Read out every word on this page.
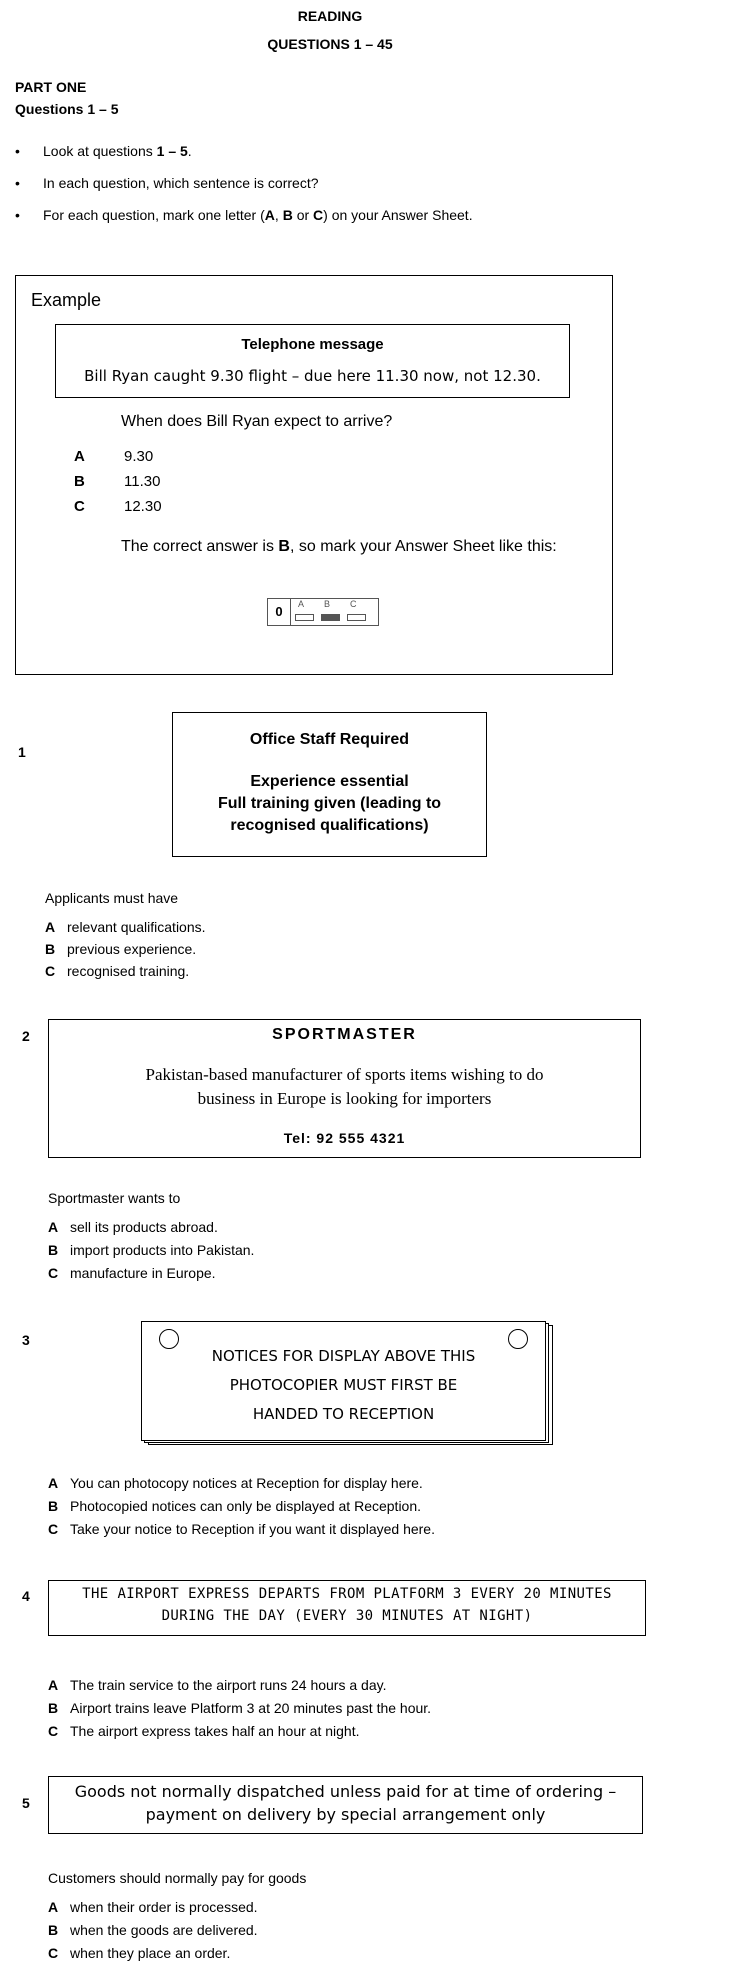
READING
QUESTIONS 1 – 45
PART ONE
Questions 1 – 5
• Look at questions 1 – 5.
• In each question, which sentence is correct?
• For each question, mark one letter (A, B or C) on your Answer Sheet.
Example
Telephone message
Bill Ryan caught 9.30 flight – due here 11.30 now, not 12.30.
When does Bill Ryan expect to arrive?
A	9.30
B	11.30
C	12.30
The correct answer is B, so mark your Answer Sheet like this:
0	A B C
1
Office Staff Required
Experience essential
Full training given (leading to
recognised qualifications)
Applicants must have
A relevant qualifications.
B previous experience.
C recognised training.
2	SPORTMASTER
Pakistan-based manufacturer of sports items wishing to do
business in Europe is looking for importers
Tel: 92 555 4321
Sportmaster wants to
A sell its products abroad.
B import products into Pakistan.
C manufacture in Europe.
3
NOTICES FOR DISPLAY ABOVE THIS
PHOTOCOPIER MUST FIRST BE
HANDED TO RECEPTION
A You can photocopy notices at Reception for display here.
B Photocopied notices can only be displayed at Reception.
C Take your notice to Reception if you want it displayed here.
4	THE AIRPORT EXPRESS DEPARTS FROM PLATFORM 3 EVERY 20 MINUTES
DURING THE DAY (EVERY 30 MINUTES AT NIGHT)
A The train service to the airport runs 24 hours a day.
B Airport trains leave Platform 3 at 20 minutes past the hour.
C The airport express takes half an hour at night.
5
Goods not normally dispatched unless paid for at time of ordering –
payment on delivery by special arrangement only
Customers should normally pay for goods
A when their order is processed.
B when the goods are delivered.
C when they place an order.
